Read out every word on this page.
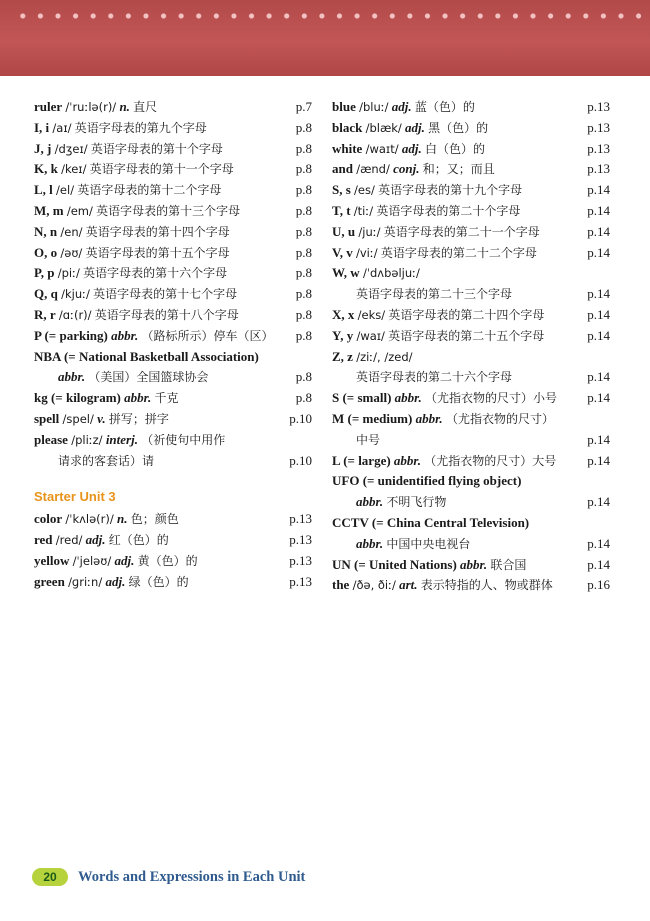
ruler /ˈruːlə(r)/ n. 直尺	p.7
I, i /aɪ/ 英语字母表的第九个字母	p.8
J, j /dʒeɪ/ 英语字母表的第十个字母	p.8
K, k /keɪ/ 英语字母表的第十一个字母	p.8
L, l /el/ 英语字母表的第十二个字母	p.8
M, m /em/ 英语字母表的第十三个字母	p.8
N, n /en/ 英语字母表的第十四个字母	p.8
O, o /əʊ/ 英语字母表的第十五个字母	p.8
P, p /piː/ 英语字母表的第十六个字母	p.8
Q, q /kjuː/ 英语字母表的第十七个字母	p.8
R, r /ɑː(r)/ 英语字母表的第十八个字母	p.8
P (= parking) abbr. （路标所示）停车（区） p.8
NBA (= National Basketball Association)
abbr. （美国）全国篮球协会	p.8
kg (= kilogram) abbr. 千克	p.8
spell /spel/ v. 拼写；拼字	p.10
please /pliːz/ interj. （祈使句中用作
请求的客套话）请	p.10
Starter Unit 3
color /ˈkʌlə(r)/ n. 色；颜色	p.13
red /red/ adj. 红（色）的	p.13
yellow /ˈjeləʊ/ adj. 黄（色）的	p.13
green /ɡriːn/ adj. 绿（色）的	p.13
blue /bluː/ adj. 蓝（色）的	p.13
black /blæk/ adj. 黑（色）的	p.13
white /waɪt/ adj. 白（色）的	p.13
and /ænd/ conj. 和；又；而且	p.13
S, s /es/ 英语字母表的第十九个字母	p.14
T, t /tiː/ 英语字母表的第二十个字母	p.14
U, u /juː/ 英语字母表的第二十一个字母	p.14
V, v /viː/ 英语字母表的第二十二个字母	p.14
W, w /ˈdʌbəljuː/
英语字母表的第二十三个字母	p.14
X, x /eks/ 英语字母表的第二十四个字母	p.14
Y, y /waɪ/ 英语字母表的第二十五个字母	p.14
Z, z /ziː/, /zed/
英语字母表的第二十六个字母	p.14
S (= small) abbr. （尤指衣物的尺寸）小号 p.14
M (= medium) abbr. （尤指衣物的尺寸）
中号	p.14
L (= large) abbr. （尤指衣物的尺寸）大号 p.14
UFO (= unidentified flying object)
abbr. 不明飞行物	p.14
CCTV (= China Central Television)
abbr. 中国中央电视台	p.14
UN (= United Nations) abbr. 联合国	p.14
the /ðə, ðiː/ art. 表示特指的人、物或群体	p.16
20	Words and Expressions in Each Unit
